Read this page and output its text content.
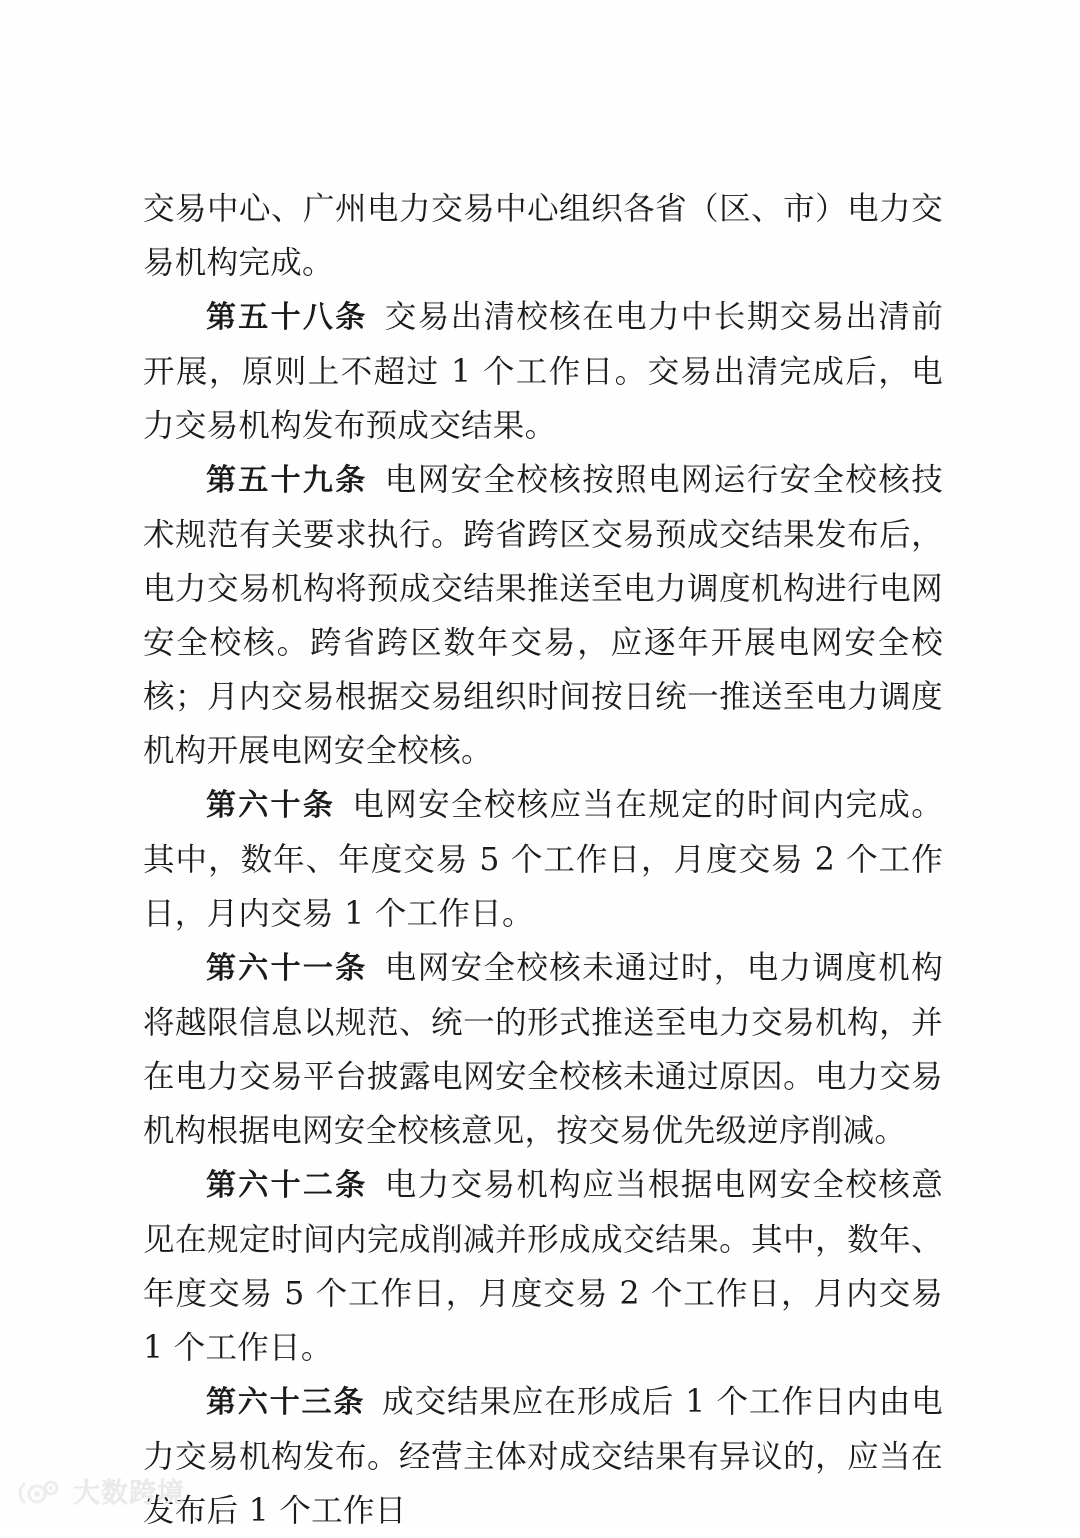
交易中心、广州电力交易中心组织各省（区、市）电力交易机构完成。

第五十八条 交易出清校核在电力中长期交易出清前开展，原则上不超过 1 个工作日。交易出清完成后，电力交易机构发布预成交结果。

第五十九条 电网安全校核按照电网运行安全校核技术规范有关要求执行。跨省跨区交易预成交结果发布后，电力交易机构将预成交结果推送至电力调度机构进行电网安全校核。跨省跨区数年交易，应逐年开展电网安全校核；月内交易根据交易组织时间按日统一推送至电力调度机构开展电网安全校核。

第六十条 电网安全校核应当在规定的时间内完成。其中，数年、年度交易 5 个工作日，月度交易 2 个工作日，月内交易 1 个工作日。

第六十一条 电网安全校核未通过时，电力调度机构将越限信息以规范、统一的形式推送至电力交易机构，并在电力交易平台披露电网安全校核未通过原因。电力交易机构根据电网安全校核意见，按交易优先级逆序削减。

第六十二条 电力交易机构应当根据电网安全校核意见在规定时间内完成削减并形成成交结果。其中，数年、年度交易 5 个工作日，月度交易 2 个工作日，月内交易 1 个工作日。

第六十三条 成交结果应在形成后 1 个工作日内由电力交易机构发布。经营主体对成交结果有异议的，应当在发布后 1 个工作日

大数跨境
